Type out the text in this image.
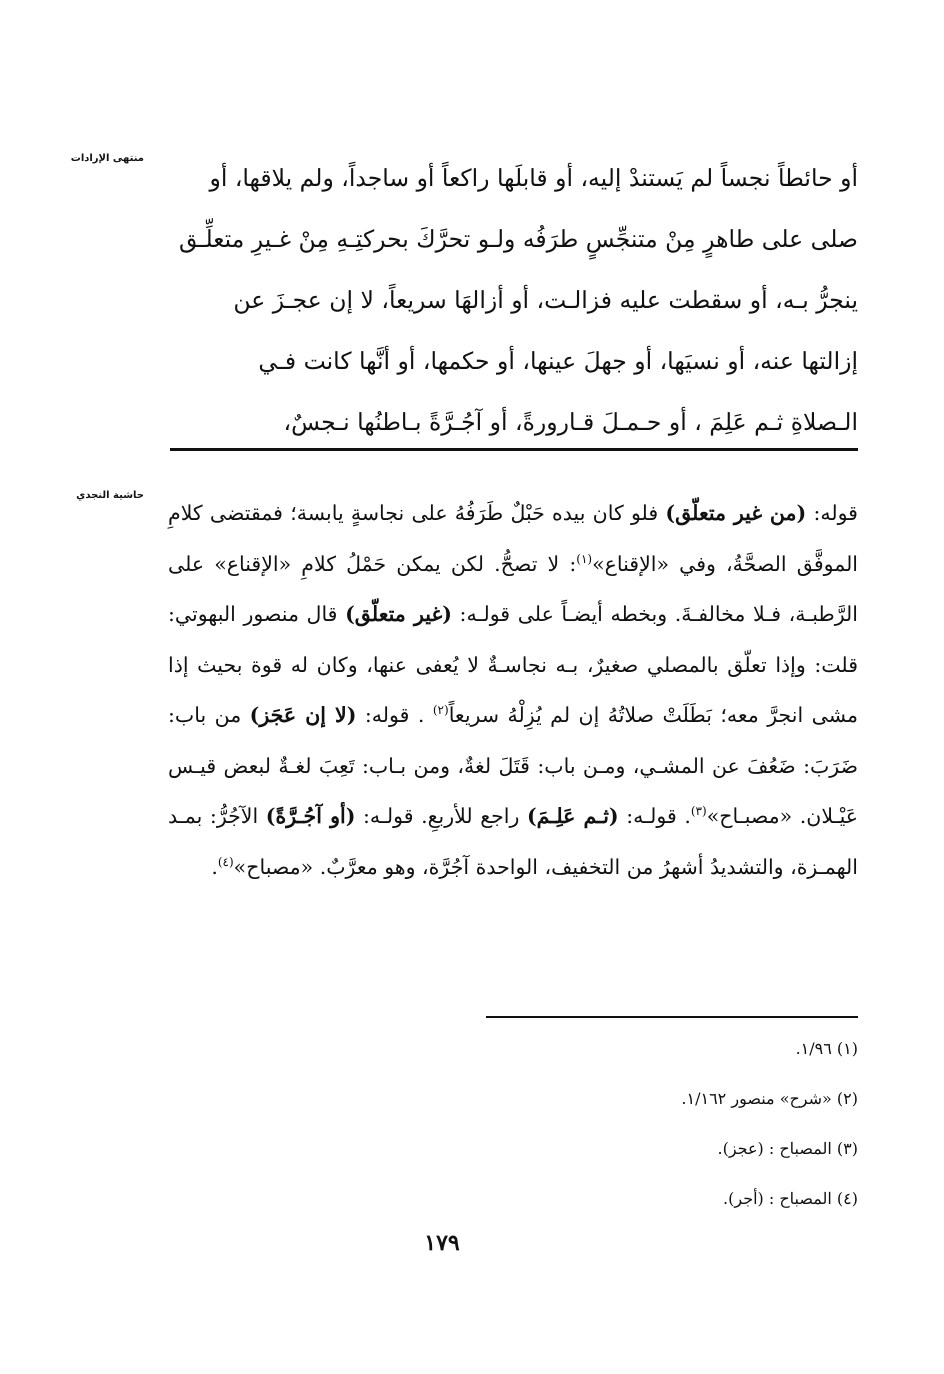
منتهى الإرادات

أو حائطاً نجساً لم يَستندْ إليه، أو قابلَها راكعاً أو ساجداً، ولم يلاقها، أو

صلى على طاهرٍ مِنْ متنجِّسٍ طرَفُه ولـو تحرَّكَ بحركتِـهِ مِنْ غـيرِ متعلِّـق

ينجرُّ بـه، أو سقطت عليه فزالـت، أو أزالهَا سريعاً، لا إن عجـزَ عن

إزالتها عنه، أو نسيَها، أو جهلَ عينها، أو حكمها، أو أنَّها كانت فـي

الـصلاةِ ثـم عَلِمَ ، أو حـمـلَ قـارورةً، أو آجُـرَّةً بـاطنُها نـجسٌ،

حاشية النجدي

قوله: (من غير متعلّق) فلو كان بيده حَبْلٌ طَرَفُهُ على نجاسةٍ يابسة؛ فمقتضى كلامِ الموفَّق الصحَّةُ، وفي «الإقناع»$^{(١)}$: لا تصحُّ. لكن يمكن حَمْلُ كلامِ «الإقناع» على الرَّطبـة، فـلا مخالفـةَ. وبخطه أيضـاً على قولـه: (غير متعلّق) قال منصور البهوتي: قلت: وإذا تعلّق بالمصلي صغيرٌ، بـه نجاسـةٌ لا يُعفى عنها، وكان له قوة بحيث إذا مشى انجرَّ معه؛ بَطَلَتْ صلاتُهُ إن لم يُزِلْهُ سريعاً$^{(٢)}$ . قوله: (لا إن عَجَز) من باب: ضَرَبَ: ضَعُفَ عن المشـي، ومـن باب: قَتَلَ لغةٌ، ومن بـاب: تَعِبَ لغـةٌ لبعض قيـس عَيْـلان. «مصبـاح»$^{(٣)}$. قولـه: (ثـم عَلِـمَ) راجع للأربعِ. قولـه: (أو آجُـرَّةً) الآجُرُّ: بمـد الهمـزة، والتشديدُ أشهرُ من التخفيف، الواحدة آجُرَّة، وهو معرَّبٌ. «مصباح»$^{(٤)}$.

(١) ١/٩٦.
(٢) «شرح» منصور ١/١٦٢.
(٣) المصباح : (عجز).
(٤) المصباح : (أجر).
١٧٩
